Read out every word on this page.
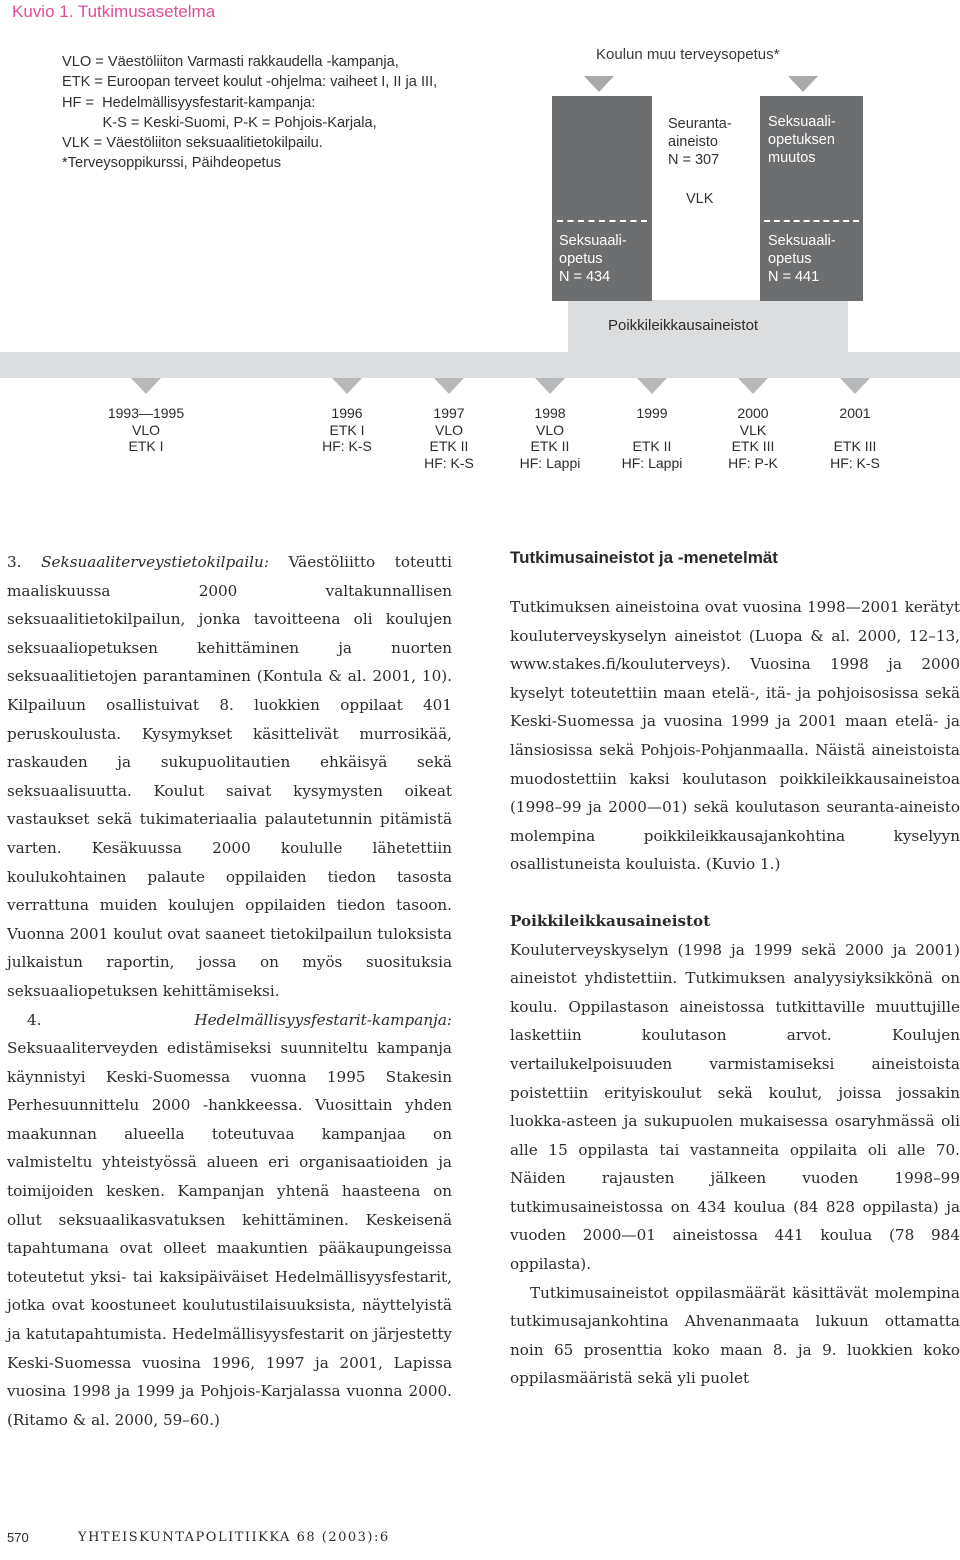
Kuvio 1. Tutkimusasetelma
VLO = Väestöliiton Varmasti rakkaudella -kampanja,
ETK = Euroopan terveet koulut -ohjelma: vaiheet I, II ja III,
HF =  Hedelmällisyysfestarit-kampanja:
K-S = Keski-Suomi, P-K = Pohjois-Karjala,
VLK = Väestöliiton seksuaalitietokilpailu.
*Terveysoppikurssi, Päihdeopetus
Koulun muu terveysopetus*
Seksuaali-
opetus
N = 434
Seksuaali-
opetuksen
muutos
Seksuaali-
opetus
N = 441
Seuranta-
aineisto
N = 307
VLK
Poikkileikkausaineistot
1993—1995
VLO
ETK I
1996
ETK I
HF: K-S
1997
VLO
ETK II
HF: K-S
1998
VLO
ETK II
HF: Lappi
1999
ETK II
HF: Lappi
2000
VLK
ETK III
HF: P-K
2001
ETK III
HF: K-S

3. Seksuaaliterveystietokilpailu: Väestöliitto toteutti maaliskuussa 2000 valtakunnallisen seksuaalitietokilpailun, jonka tavoitteena oli koulujen seksuaaliopetuksen kehittäminen ja nuorten seksuaalitietojen parantaminen (Kontula & al. 2001, 10). Kilpailuun osallistuivat 8. luokkien oppilaat 401 peruskoulusta. Kysymykset käsittelivät murrosikää, raskauden ja sukupuolitautien ehkäisyä sekä seksuaalisuutta. Koulut saivat kysymysten oikeat vastaukset sekä tukimateriaalia palautetunnin pitämistä varten. Kesäkuussa 2000 koululle lähetettiin koulukohtainen palaute oppilaiden tiedon tasosta verrattuna muiden koulujen oppilaiden tiedon tasoon. Vuonna 2001 koulut ovat saaneet tietokilpailun tuloksista julkaistun raportin, jossa on myös suosituksia seksuaaliopetuksen kehittämiseksi.

4. Hedelmällisyysfestarit-kampanja: Seksuaaliterveyden edistämiseksi suunniteltu kampanja käynnistyi Keski-Suomessa vuonna 1995 Stakesin Perhesuunnittelu 2000 -hankkeessa. Vuosittain yhden maakunnan alueella toteutuvaa kampanjaa on valmisteltu yhteistyössä alueen eri organisaatioiden ja toimijoiden kesken. Kampanjan yhtenä haasteena on ollut seksuaalikasvatuksen kehittäminen. Keskeisenä tapahtumana ovat olleet maakuntien pääkaupungeissa toteutetut yksi- tai kaksipäiväiset Hedelmällisyysfestarit, jotka ovat koostuneet koulutustilaisuuksista, näyttelyistä ja katutapahtumista. Hedelmällisyysfestarit on järjestetty Keski-Suomessa vuosina 1996, 1997 ja 2001, Lapissa vuosina 1998 ja 1999 ja Pohjois-Karjalassa vuonna 2000. (Ritamo & al. 2000, 59–60.)

Tutkimusaineistot ja -menetelmät

Tutkimuksen aineistoina ovat vuosina 1998—2001 kerätyt kouluterveyskyselyn aineistot (Luopa & al. 2000, 12–13, www.stakes.fi/kouluterveys). Vuosina 1998 ja 2000 kyselyt toteutettiin maan etelä-, itä- ja pohjoisosissa sekä Keski-Suomessa ja vuosina 1999 ja 2001 maan etelä- ja länsiosissa sekä Pohjois-Pohjanmaalla. Näistä aineistoista muodostettiin kaksi koulutason poikkileikkausaineistoa (1998–99 ja 2000—01) sekä koulutason seuranta-aineisto molempina poikkileikkausajankohtina kyselyyn osallistuneista kouluista. (Kuvio 1.)

Poikkileikkausaineistot

Kouluterveyskyselyn (1998 ja 1999 sekä 2000 ja 2001) aineistot yhdistettiin. Tutkimuksen analyysiyksikkönä on koulu. Oppilastason aineistossa tutkittaville muuttujille laskettiin koulutason arvot. Koulujen vertailukelpoisuuden varmistamiseksi aineistoista poistettiin erityiskoulut sekä koulut, joissa jossakin luokka-asteen ja sukupuolen mukaisessa osaryhmässä oli alle 15 oppilasta tai vastanneita oppilaita oli alle 70. Näiden rajausten jälkeen vuoden 1998–99 tutkimusaineistossa on 434 koulua (84 828 oppilasta) ja vuoden 2000—01 aineistossa 441 koulua (78 984 oppilasta).

Tutkimusaineistot oppilasmäärät käsittävät molempina tutkimusajankohtina Ahvenanmaata lukuun ottamatta noin 65 prosenttia koko maan 8. ja 9. luokkien koko oppilasmääristä sekä yli puolet

570	YHTEISKUNTAPOLITIIKKA 68 (2003):6
